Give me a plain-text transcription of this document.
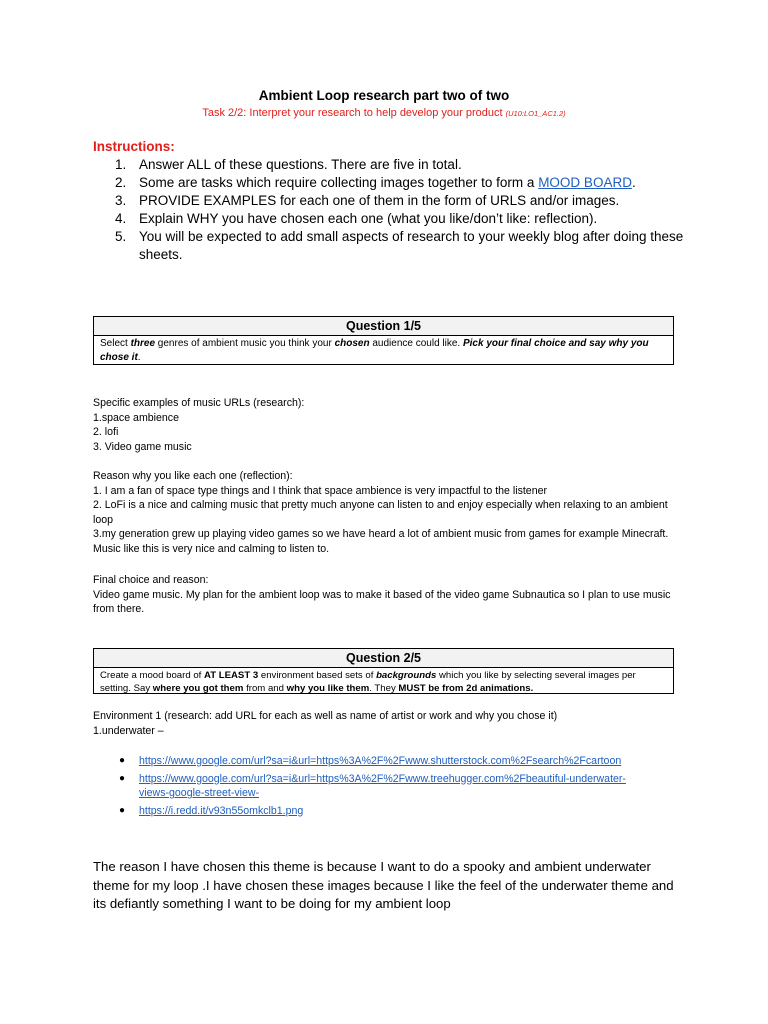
Ambient Loop research part two of two
Task 2/2: Interpret your research to help develop your product (U10:LO1_AC1.2)
Instructions:
1. Answer ALL of these questions. There are five in total.
2. Some are tasks which require collecting images together to form a MOOD BOARD.
3. PROVIDE EXAMPLES for each one of them in the form of URLS and/or images.
4. Explain WHY you have chosen each one (what you like/don’t like: reflection).
5. You will be expected to add small aspects of research to your weekly blog after doing these sheets.
Question 1/5
Select three genres of ambient music you think your chosen audience could like. Pick your final choice and say why you chose it.

Specific examples of music URLs (research):

1.space ambience

2. lofi

3. Video game music

Reason why you like each one (reflection):

1. I am a fan of space type things and I think that space ambience is very impactful to the listener

2. LoFi is a nice and calming music that pretty much anyone can listen to and enjoy especially when relaxing to an ambient loop

3.my generation grew up playing video games so we have heard a lot of ambient music from games for example Minecraft. Music like this is very nice and calming to listen to.

Final choice and reason:

Video game music. My plan for the ambient loop was to make it based of the video game Subnautica so I plan to use music from there.

Question 2/5
Create a mood board of AT LEAST 3 environment based sets of backgrounds which you like by selecting several images per setting. Say where you got them from and why you like them. They MUST be from 2d animations.

Environment 1 (research: add URL for each as well as name of artist or work and why you chose it)

1.underwater –

● https://www.google.com/url?sa=i&url=https%3A%2F%2Fwww.shutterstock.com%2Fsearch%2Fcartoon
● https://www.google.com/url?sa=i&url=https%3A%2F%2Fwww.treehugger.com%2Fbeautiful-underwater-views-google-street-view-
● https://i.redd.it/v93n55omkclb1.png
The reason I have chosen this theme is because I want to do a spooky and ambient underwater theme for my loop .I have chosen these images because I like the feel of the underwater theme and its defiantly something I want to be doing for my ambient loop
